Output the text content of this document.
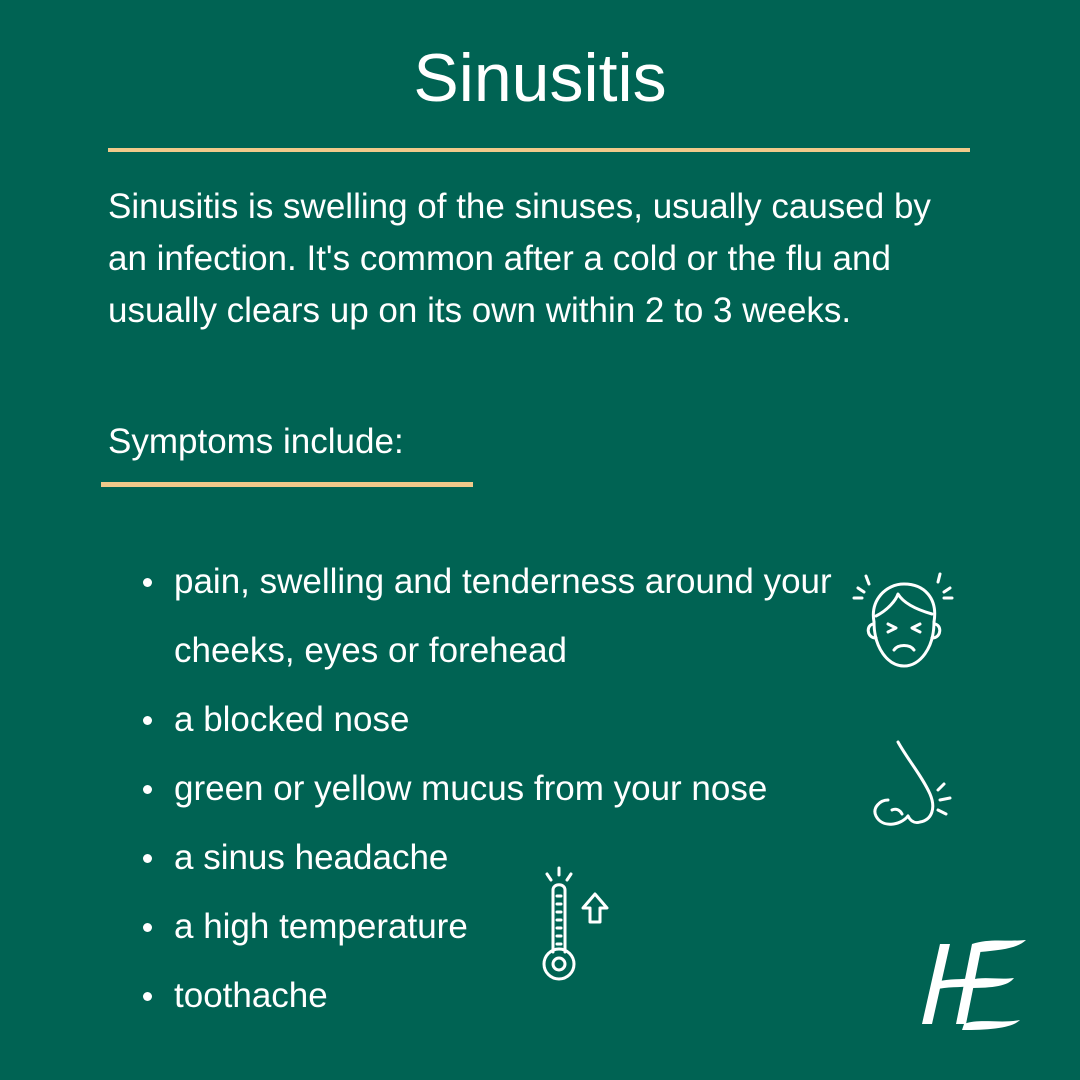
Sinusitis

Sinusitis is swelling of the sinuses, usually caused by an infection. It's common after a cold or the flu and usually clears up on its own within 2 to 3 weeks.

Symptoms include:

pain, swelling and tenderness around your cheeks, eyes or forehead
a blocked nose
green or yellow mucus from your nose
a sinus headache
a high temperature
toothache
